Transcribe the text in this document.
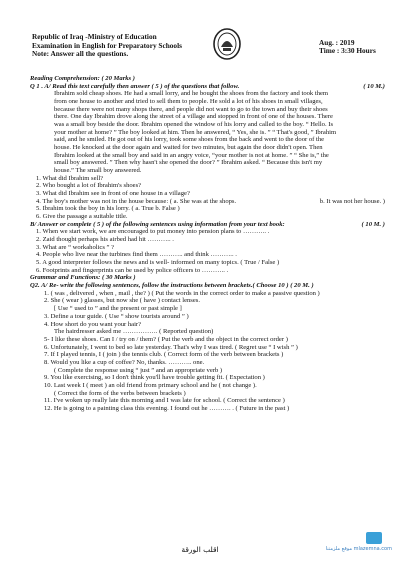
Republic of Iraq -Ministry of Education
Examination in English for Preparatory Schools
Note: Answer all the questions.
Aug. : 2019
Time : 3:30 Hours
Reading Comprehension: ( 20 Marks )
Q 1 . A/ Read this text carefully then answer ( 5 ) of the questions that follow.	( 10 M.)
Ibrahim sold cheap shoes. He had a small lorry, and he bought the shoes from the factory and took them
from one house to another and tried to sell them to people. He sold a lot of his shoes in small villages,
because there were not many shops there, and people did not want to go to the town and buy their shoes
there. One day Ibrahim drove along the street of a village and stopped in front of one of the houses. There
was a small boy beside the door. Ibrahim opened the window of his lorry and called to the boy. “ Hello. Is
your mother at home? ” The boy looked at him. Then he answered, “ Yes, she is. ” “ That's good, ” Ibrahim
said, and he smiled. He got out of his lorry, took some shoes from the back and went to the door of the
house. He knocked at the door again and waited for two minutes, but again the door didn't open. Then
Ibrahim looked at the small boy and said in an angry voice, “your mother is not at home. ” “ She is,” the
small boy answered. ” Then why hasn't she opened the door? ” Ibrahim asked. “ Because this isn't my
house.” The small boy answered.
1. What did Ibrahim sell?
2. Who bought a lot of Ibrahim's shoes?
3. What did Ibrahim see in front of one house in a village?
4. The boy's mother was not in the house because: ( a. She was at the shops.	b. It was not her house. )
5. Ibrahim took the boy in his lorry. ( a. True b. False )
6. Give the passage a suitable title.
B/ Answer or complete ( 5 ) of the following sentences using information from your text book:	( 10 M. )
1. When we start work, we are encouraged to put money into pension plans to ……….. .
2. Zaid thought perhaps his airbed had hit ……….. .
3. What are “ workaholics ” ?
4. People who live near the turbines find them ……….. and think ……….. .
5. A good interpreter follows the news and is well- informed on many topics. ( True / False )
6. Footprints and fingerprints can be used by police officers to ……….. .
Grammar and Functions: ( 30 Marks )
Q2. A/ Re- write the following sentences, follow the instructions between brackets.( Choose 10 ) ( 20 M. )
1. ( was , delivered , when , mail , the? ) ( Put the words in the correct order to make a passive question )
2. She ( wear ) glasses, but now she ( have ) contact lenses.
[ Use “ used to ” and the present or past simple ]
3. Define a tour guide. ( Use “ show tourists around ” )
4. How short do you want your hair?
The hairdresser asked me ……………. ( Reported question)
5- I like these shoes. Can I / try on / them? ( Put the verb and the object in the correct order )
6. Unfortunately, I went to bed so late yesterday. That's why I was tired. ( Regret use “ I wish ” )
7. If I played tennis, I ( join ) the tennis club. ( Correct form of the verb between brackets )
8. Would you like a cup of coffee? No, thanks. ……….. one.
( Complete the response using “ just ” and an appropriate verb )
9. You like exercising, so I don't think you'll have trouble getting fit. ( Expectation )
10. Last week I ( meet ) an old friend from primary school and he ( not change ).
( Correct the form of the verbs between brackets )
11. I've woken up really late this morning and I was late for school. ( Correct the sentence )
12. He is going to a painting class this evening. I found out he ………. . ( Future in the past )
اقلب الورقة	موقع ملزمتنا mlazemna.com
